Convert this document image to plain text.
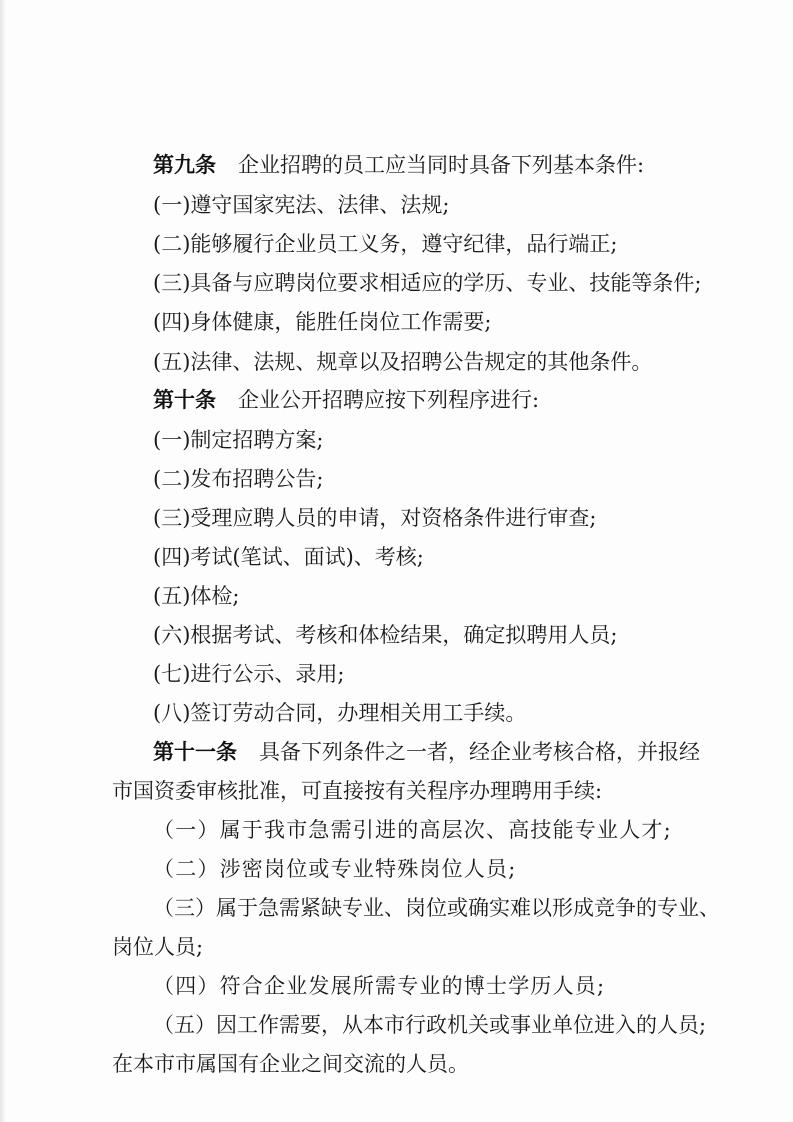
第九条 企业招聘的员工应当同时具备下列基本条件:
(一)遵守国家宪法、法律、法规;
(二)能够履行企业员工义务，遵守纪律，品行端正;
(三)具备与应聘岗位要求相适应的学历、专业、技能等条件;
(四)身体健康，能胜任岗位工作需要;
(五)法律、法规、规章以及招聘公告规定的其他条件。
第十条 企业公开招聘应按下列程序进行:
(一)制定招聘方案;
(二)发布招聘公告;
(三)受理应聘人员的申请，对资格条件进行审查;
(四)考试(笔试、面试)、考核;
(五)体检;
(六)根据考试、考核和体检结果，确定拟聘用人员;
(七)进行公示、录用;
(八)签订劳动合同，办理相关用工手续。
第十一条 具备下列条件之一者，经企业考核合格，并报经
市国资委审核批准，可直接按有关程序办理聘用手续:
（一）属于我市急需引进的高层次、高技能专业人才;
（二）涉密岗位或专业特殊岗位人员;
（三）属于急需紧缺专业、岗位或确实难以形成竞争的专业、
岗位人员;
（四）符合企业发展所需专业的博士学历人员;
（五）因工作需要，从本市行政机关或事业单位进入的人员;
在本市市属国有企业之间交流的人员。
